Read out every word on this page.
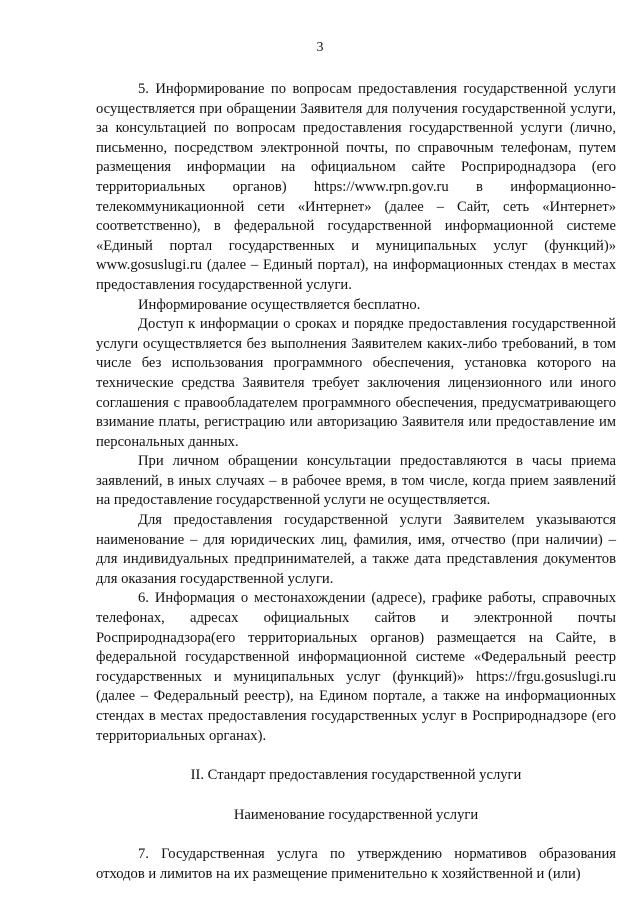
3

5. Информирование по вопросам предоставления государственной услуги осуществляется при обращении Заявителя для получения государственной услуги, за консультацией по вопросам предоставления государственной услуги (лично, письменно, посредством электронной почты, по справочным телефонам, путем размещения информации на официальном сайте Росприроднадзора (его территориальных органов) https://www.rpn.gov.ru в информационно-телекоммуникационной сети «Интернет» (далее – Сайт, сеть «Интернет» соответственно), в федеральной государственной информационной системе «Единый портал государственных и муниципальных услуг (функций)» www.gosuslugi.ru (далее – Единый портал), на информационных стендах в местах предоставления государственной услуги.

Информирование осуществляется бесплатно.

Доступ к информации о сроках и порядке предоставления государственной услуги осуществляется без выполнения Заявителем каких-либо требований, в том числе без использования программного обеспечения, установка которого на технические средства Заявителя требует заключения лицензионного или иного соглашения с правообладателем программного обеспечения, предусматривающего взимание платы, регистрацию или авторизацию Заявителя или предоставление им персональных данных.

При личном обращении консультации предоставляются в часы приема заявлений, в иных случаях – в рабочее время, в том числе, когда прием заявлений на предоставление государственной услуги не осуществляется.

Для предоставления государственной услуги Заявителем указываются наименование – для юридических лиц, фамилия, имя, отчество (при наличии) – для индивидуальных предпринимателей, а также дата представления документов для оказания государственной услуги.

6. Информация о местонахождении (адресе), графике работы, справочных телефонах, адресах официальных сайтов и электронной почты Росприроднадзора(его территориальных органов) размещается на Сайте, в федеральной государственной информационной системе «Федеральный реестр государственных и муниципальных услуг (функций)» https://frgu.gosuslugi.ru (далее – Федеральный реестр), на Едином портале, а также на информационных стендах в местах предоставления государственных услуг в Росприроднадзоре (его территориальных органах).

II. Стандарт предоставления государственной услуги

Наименование государственной услуги

7. Государственная услуга по утверждению нормативов образования отходов и лимитов на их размещение применительно к хозяйственной и (или)
